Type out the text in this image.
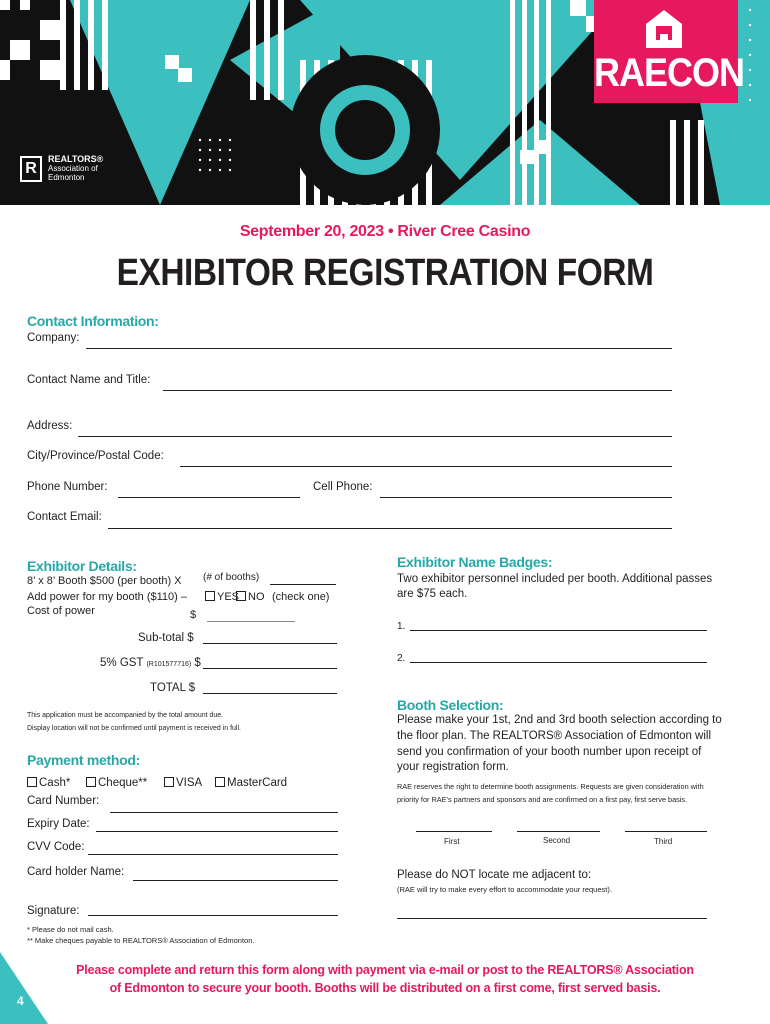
R
REALTORS®
Association of
Edmonton
RAECON
September 20, 2023 • River Cree Casino
EXHIBITOR REGISTRATION FORM
Contact Information:
Company:
Contact Name and Title:
Address:
City/Province/Postal Code:
Phone Number:	Cell Phone:
Contact Email:
Exhibitor Details:
8’ x 8’ Booth $500 (per booth) X (# of booths)
Add power for my booth ($110) –	YES NO (check one)
Cost of power	$
Sub-total $
5% GST (R101577716) $
TOTAL $
This application must be accompanied by the total amount due.
Display location will not be confirmed until payment is received in full.
Payment method:
Cash*	Cheque**	VISA	MasterCard
Card Number:
Expiry Date:
CVV Code:
Card holder Name:
Signature:
* Please do not mail cash.
** Make cheques payable to REALTORS® Association of Edmonton.
Exhibitor Name Badges:
Two exhibitor personnel included per booth. Additional passes
are $75 each.
1.
2.
Booth Selection:
Please make your 1st, 2nd and 3rd booth selection according to
the floor plan. The REALTORS® Association of Edmonton will
send you confirmation of your booth number upon receipt of
your registration form.
RAE reserves the right to determine booth assignments. Requests are given consideration with
priority for RAE’s partners and sponsors and are confirmed on a first pay, first serve basis.
First	Second	Third
Please do NOT locate me adjacent to:
(RAE will try to make every effort to accommodate your request).
Please complete and return this form along with payment via e-mail or post to the REALTORS® Association
of Edmonton to secure your booth. Booths will be distributed on a first come, first served basis.
4
